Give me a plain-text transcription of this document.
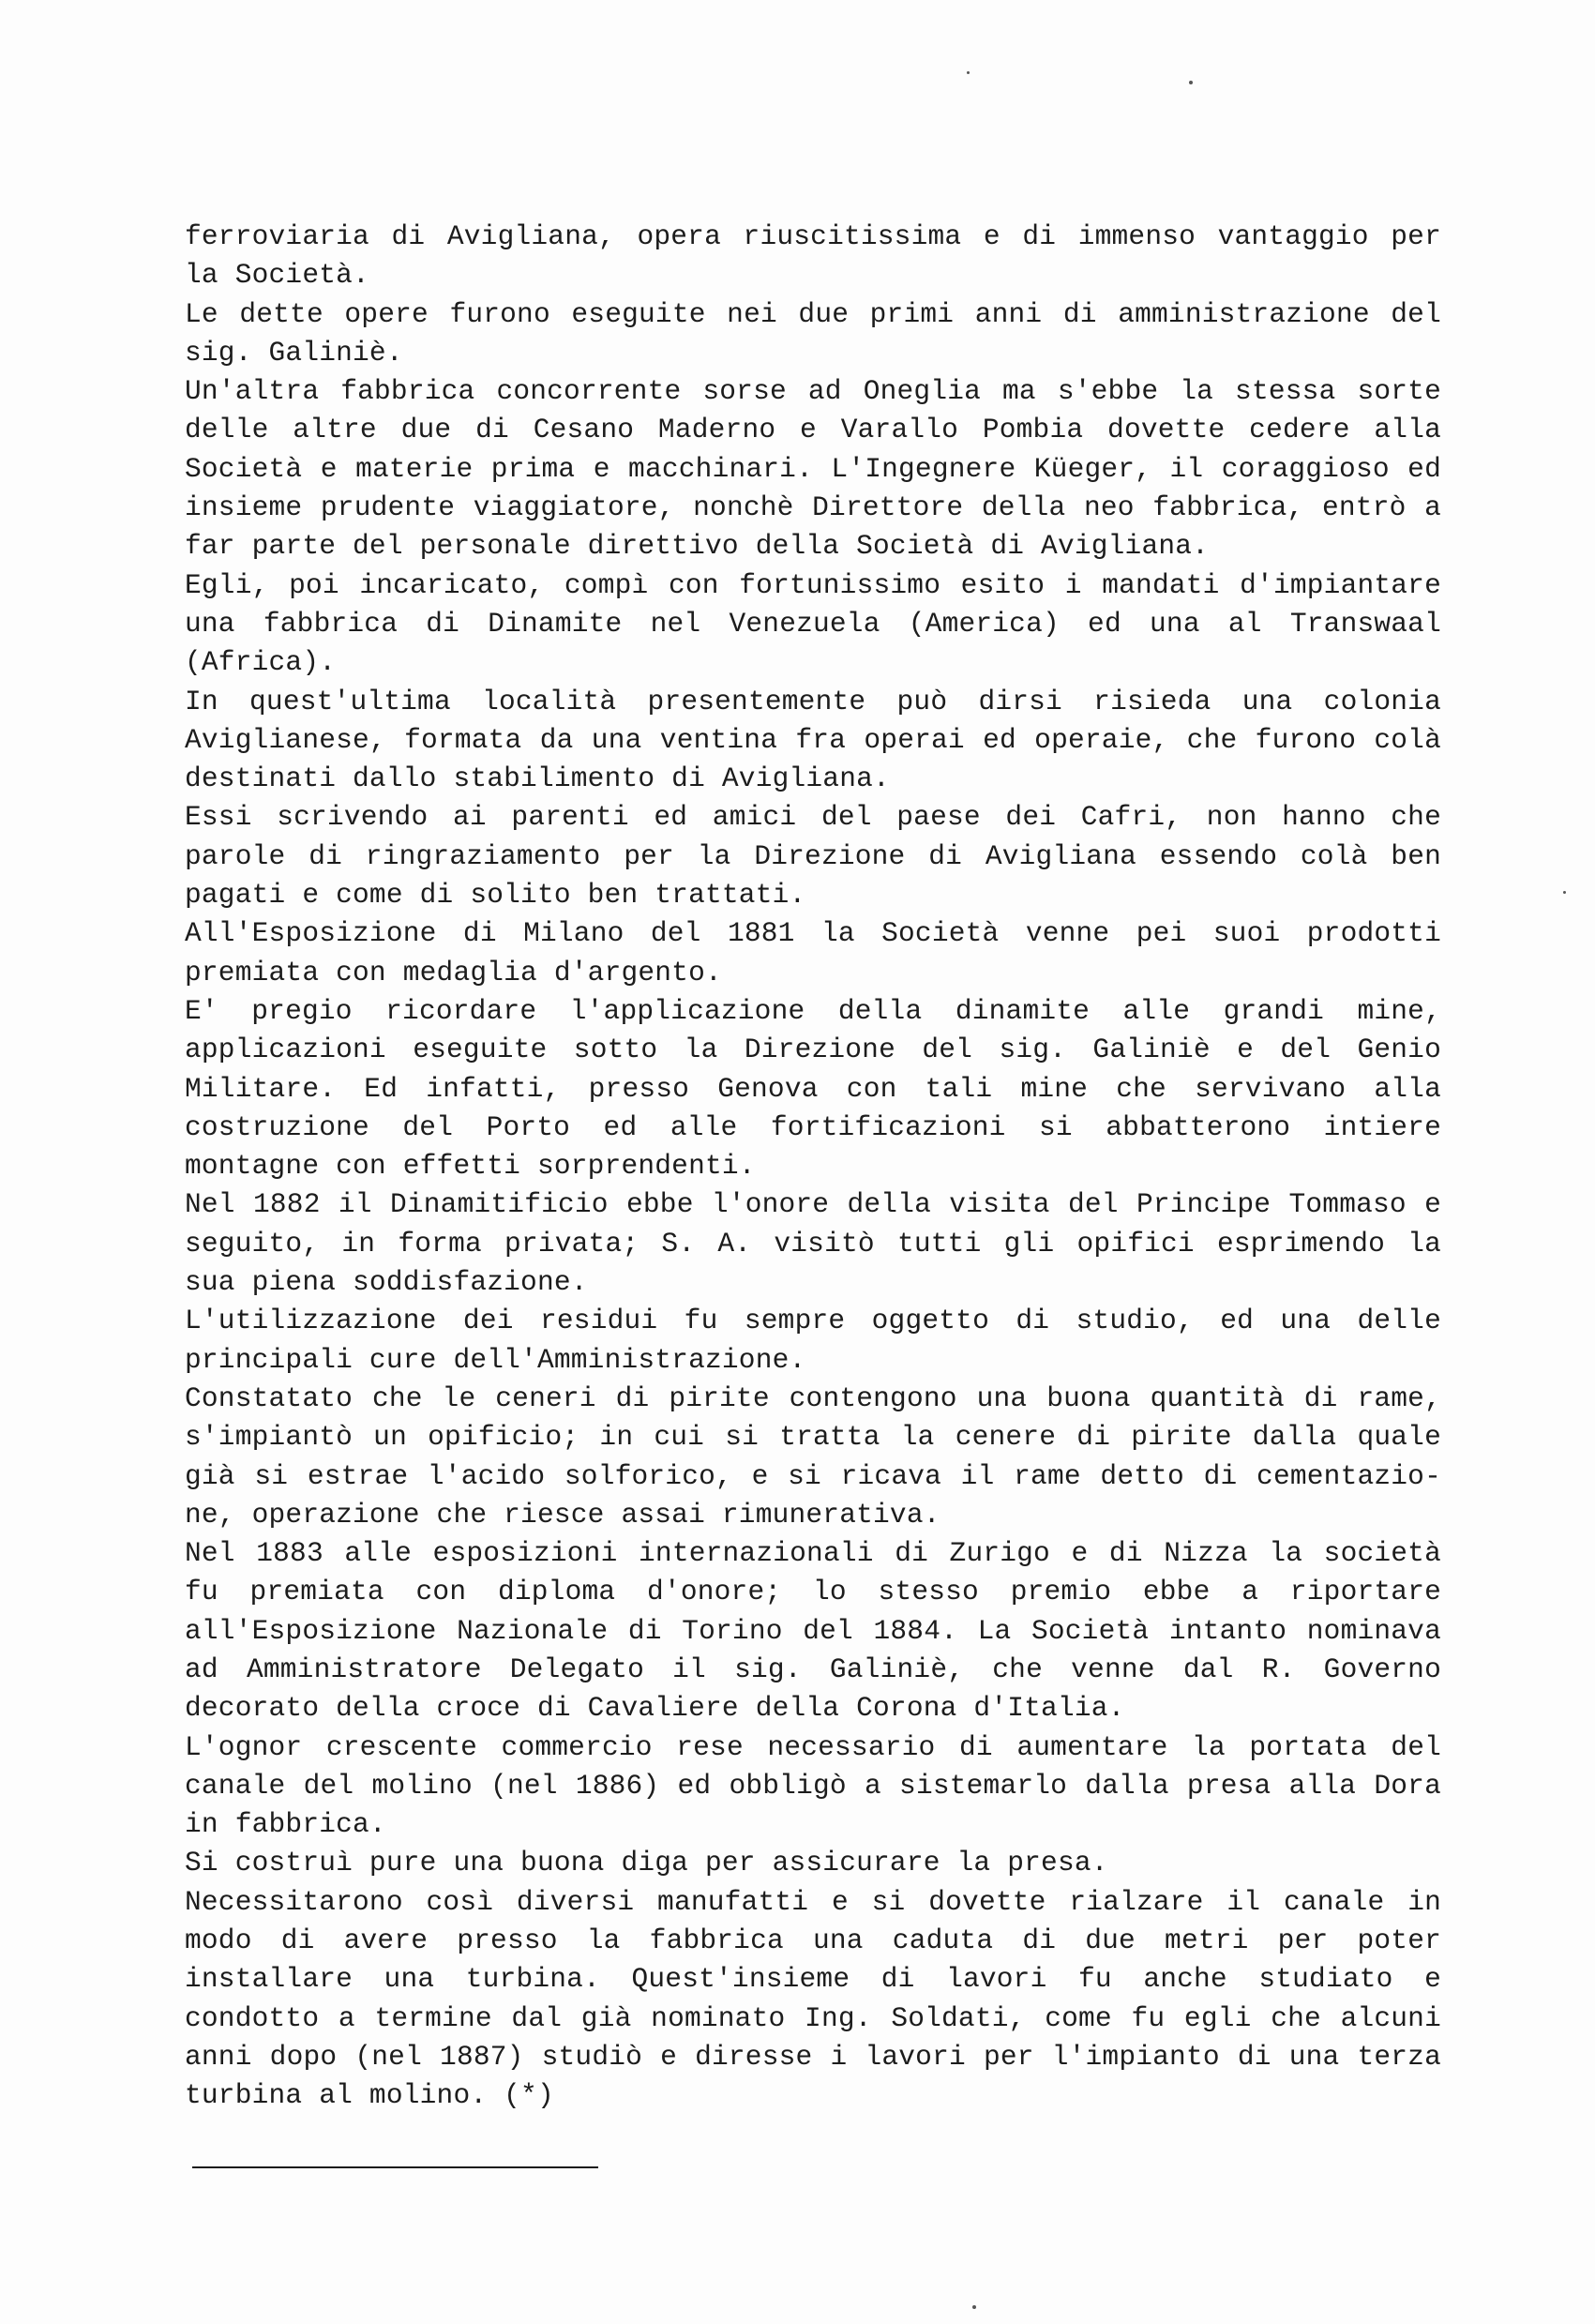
ferroviaria di Avigliana, opera riuscitissima e di immenso vantaggio per
la Società.
Le dette opere furono eseguite nei due primi anni di amministrazione del
sig. Galiniè.
Un'altra fabbrica concorrente sorse ad Oneglia ma s'ebbe la stessa sorte
delle altre due di Cesano Maderno e Varallo Pombia dovette cedere alla
Società e materie prima e macchinari. L'Ingegnere Küeger, il coraggioso ed
insieme prudente viaggiatore, nonchè Direttore della neo fabbrica, entrò a
far parte del personale direttivo della Società di Avigliana.
Egli, poi incaricato, compì con fortunissimo esito i mandati d'impiantare
una fabbrica di Dinamite nel Venezuela (America) ed una al Transwaal
(Africa).
In quest'ultima località presentemente può dirsi risieda una colonia
Aviglianese, formata da una ventina fra operai ed operaie, che furono colà
destinati dallo stabilimento di Avigliana.
Essi scrivendo ai parenti ed amici del paese dei Cafri, non hanno che
parole di ringraziamento per la Direzione di Avigliana essendo colà ben
pagati e come di solito ben trattati.
All'Esposizione di Milano del 1881 la Società venne pei suoi prodotti
premiata con medaglia d'argento.
E' pregio ricordare l'applicazione della dinamite alle grandi mine,
applicazioni eseguite sotto la Direzione del sig. Galiniè e del Genio
Militare. Ed infatti, presso Genova con tali mine che servivano alla
costruzione del Porto ed alle fortificazioni si abbatterono intiere
montagne con effetti sorprendenti.
Nel 1882 il Dinamitificio ebbe l'onore della visita del Principe Tommaso e
seguito, in forma privata; S. A. visitò tutti gli opifici esprimendo la
sua piena soddisfazione.
L'utilizzazione dei residui fu sempre oggetto di studio, ed una delle
principali cure dell'Amministrazione.
Constatato che le ceneri di pirite contengono una buona quantità di rame,
s'impiantò un opificio; in cui si tratta la cenere di pirite dalla quale
già si estrae l'acido solforico, e si ricava il rame detto di cementazio-
ne, operazione che riesce assai rimunerativa.
Nel 1883 alle esposizioni internazionali di Zurigo e di Nizza la società
fu premiata con diploma d'onore; lo stesso premio ebbe a riportare
all'Esposizione Nazionale di Torino del 1884. La Società intanto nominava
ad Amministratore Delegato il sig. Galiniè, che venne dal R. Governo
decorato della croce di Cavaliere della Corona d'Italia.
L'ognor crescente commercio rese necessario di aumentare la portata del
canale del molino (nel 1886) ed obbligò a sistemarlo dalla presa alla Dora
in fabbrica.
Si costruì pure una buona diga per assicurare la presa.
Necessitarono così diversi manufatti e si dovette rialzare il canale in
modo di avere presso la fabbrica una caduta di due metri per poter
installare una turbina. Quest'insieme di lavori fu anche studiato e
condotto a termine dal già nominato Ing. Soldati, come fu egli che alcuni
anni dopo (nel 1887) studiò e diresse i lavori per l'impianto di una terza
turbina al molino. (*)
